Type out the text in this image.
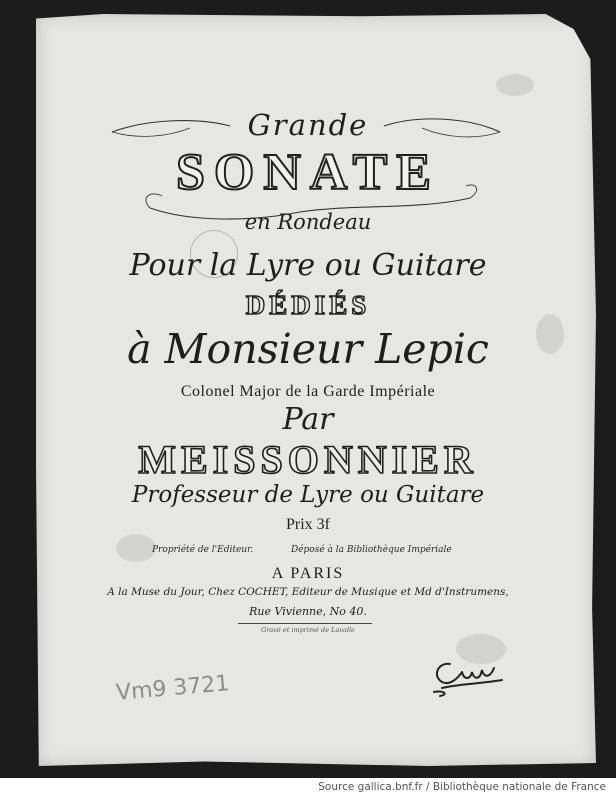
Grande
SONATE
en Rondeau
Pour la Lyre ou Guitare
DÉDIÉS
à Monsieur Lepic
Colonel Major de la Garde Impériale
Par
MEISSONNIER
Professeur de Lyre ou Guitare
Prix 3f
Propriété de l'Editeur.	Déposé à la Bibliothèque Impériale
A PARIS
A la Muse du Jour, Chez COCHET, Editeur de Musique et Md d'Instrumens,
Rue Vivienne, No 40.
Gravé et imprimé de Lavalle
Vm9 3721
Source gallica.bnf.fr / Bibliothèque nationale de France
